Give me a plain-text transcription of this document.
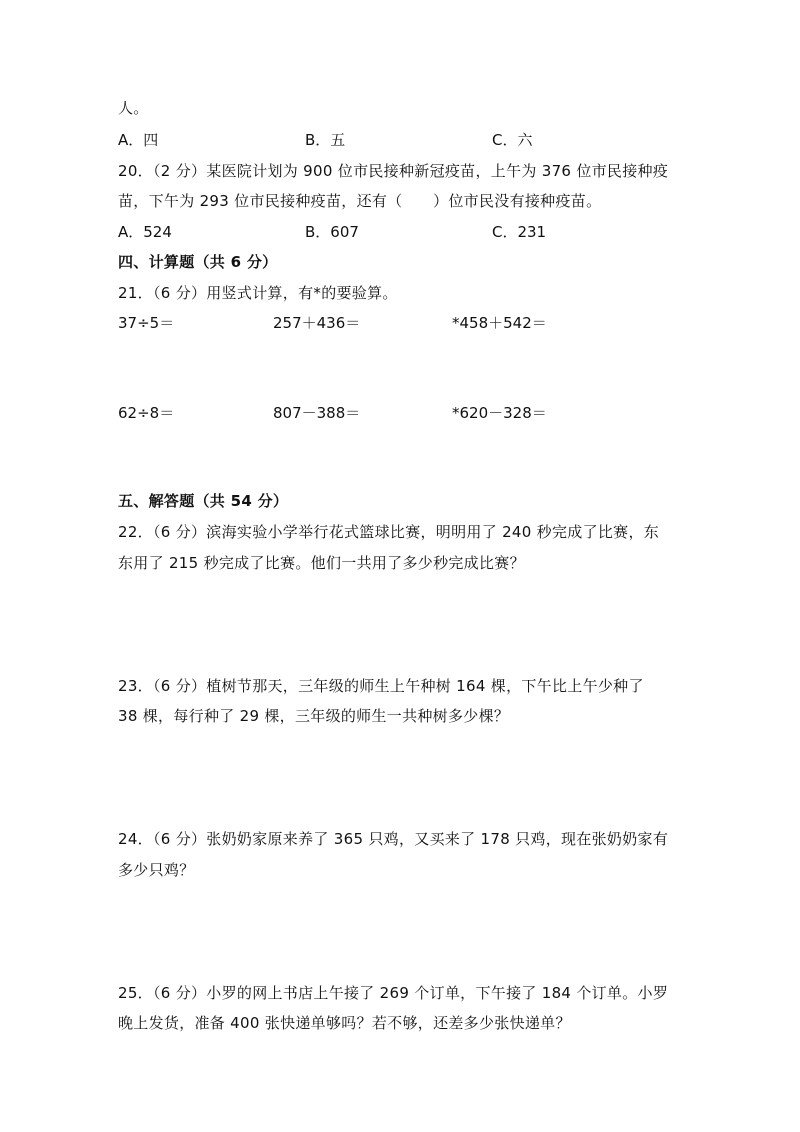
人。
A．四	B．五	C．六
20．（2 分）某医院计划为 900 位市民接种新冠疫苗，上午为 376 位市民接种疫
苗，下午为 293 位市民接种疫苗，还有（　　）位市民没有接种疫苗。
A．524	B．607	C．231
四、计算题（共 6 分）
21．（6 分）用竖式计算，有*的要验算。
37÷5＝	257＋436＝	*458＋542＝
62÷8＝	807－388＝	*620－328＝
五、解答题（共 54 分）
22．（6 分）滨海实验小学举行花式篮球比赛，明明用了 240 秒完成了比赛，东
东用了 215 秒完成了比赛。他们一共用了多少秒完成比赛？
23．（6 分）植树节那天，三年级的师生上午种树 164 棵，下午比上午少种了
38 棵，每行种了 29 棵，三年级的师生一共种树多少棵？
24．（6 分）张奶奶家原来养了 365 只鸡，又买来了 178 只鸡，现在张奶奶家有
多少只鸡？
25．（6 分）小罗的网上书店上午接了 269 个订单，下午接了 184 个订单。小罗
晚上发货，准备 400 张快递单够吗？若不够，还差多少张快递单？
